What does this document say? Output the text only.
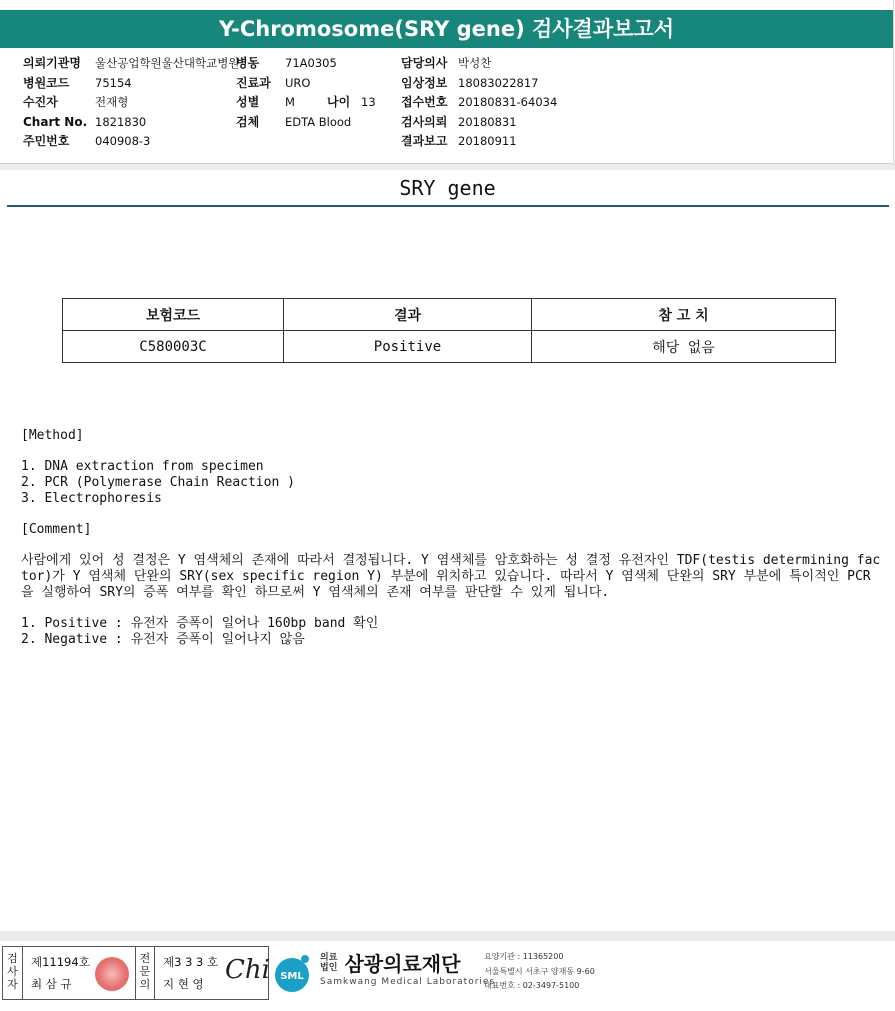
Y-Chromosome(SRY gene) 검사결과보고서
의뢰기관명 울산공업학원울산대학교병원
병원코드 75154
수진자	전재형
Chart No. 1821830
주민번호 040908-3
병동 71A0305
진료과 URO
성별 M	나이 13
검체 EDTA Blood
담당의사 박성찬
임상정보 18083022817
접수번호 20180831-64034
검사의뢰 20180831
결과보고 20180911
SRY gene
보험코드	결과	참 고 치
C580003C	Positive	해당 없음
[Method]
1. DNA extraction from specimen
2. PCR (Polymerase Chain Reaction )
3. Electrophoresis
[Comment]
사람에게 있어 성 결정은 Y 염색체의 존재에 따라서 결정됩니다. Y 염색체를 암호화하는 성 결정 유전자인 TDF(testis determining factor)가 Y 염색체 단완의 SRY(sex specific region Y) 부분에 위치하고 있습니다. 따라서 Y 염색체 단완의 SRY 부분에 특이적인 PCR을 실행하여 SRY의 증폭 여부를 확인 하므로써 Y 염색체의 존재 여부를 판단할 수 있게 됩니다.
1. Positive : 유전자 증폭이 일어나 160bp band 확인
2. Negative : 유전자 증폭이 일어나지 않음
검사자
제11194호
최 삼 규
전문의
제3 3 3 호
지 현 영 Chi SML
의료
법인 삼광의료재단
Samkwang Medical Laboratories
요양기관 : 11365200
서울특별시 서초구 양재동 9-60
대표번호 : 02-3497-5100
